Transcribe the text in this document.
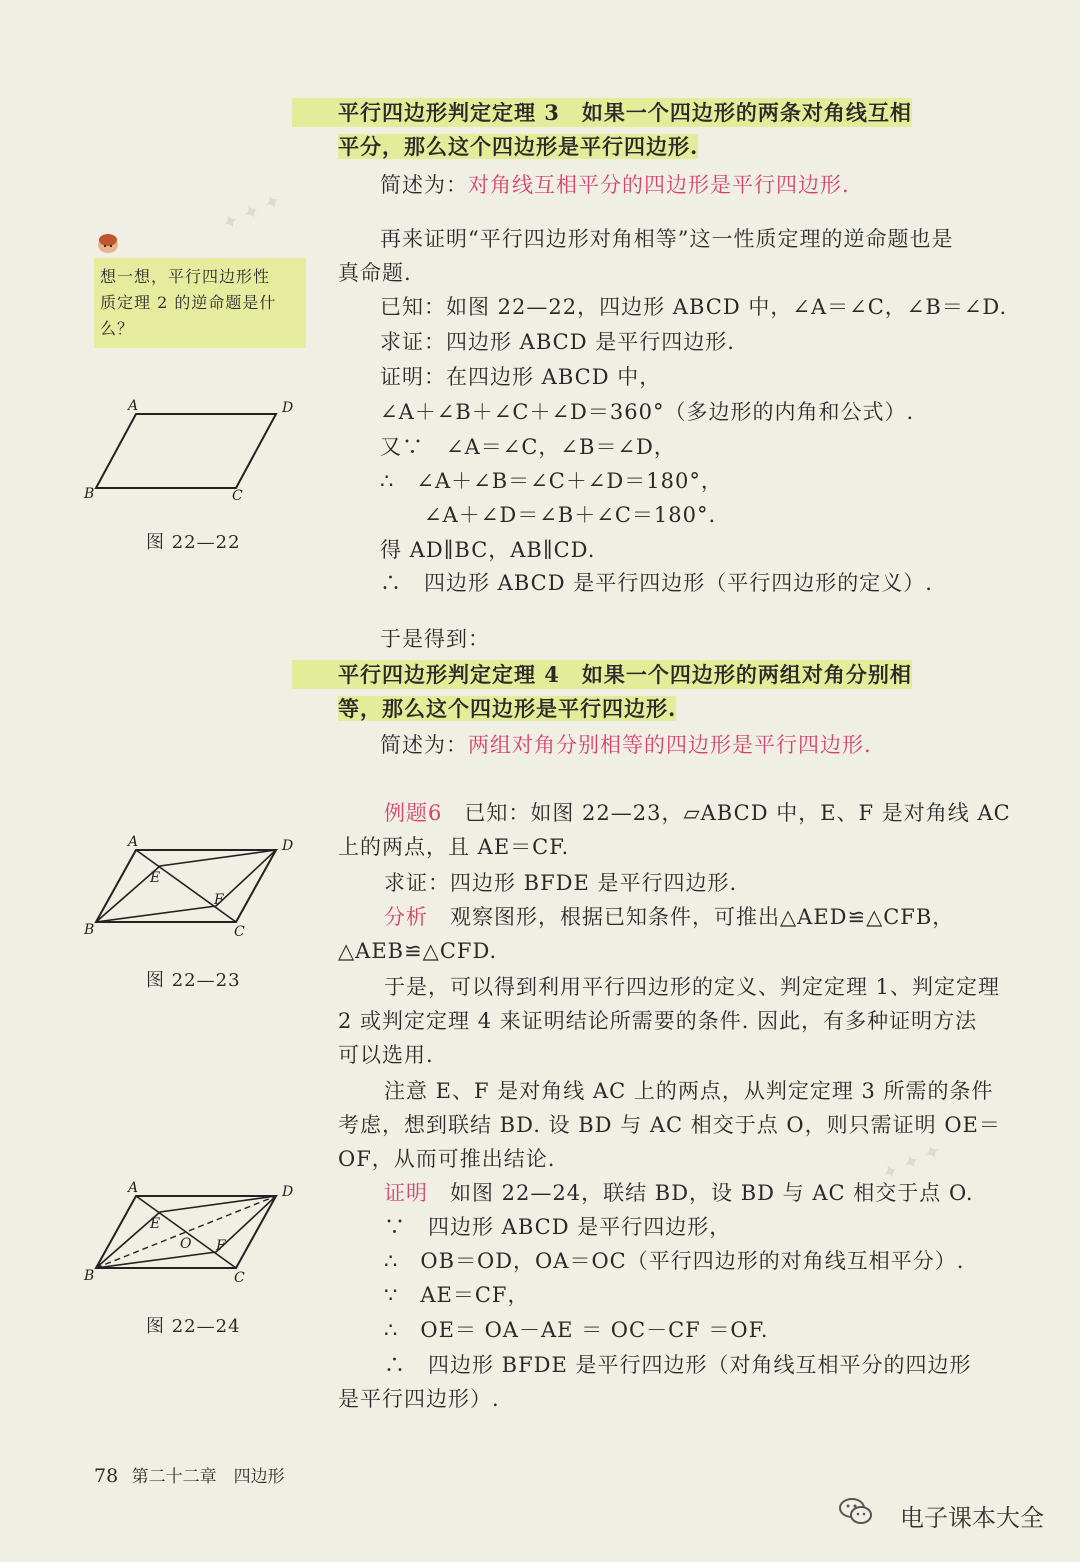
✦ ✦ ✦
✦ ✦ ✦
平行四边形判定定理 3　如果一个四边形的两条对角线互相
平分，那么这个四边形是平行四边形.
简述为：对角线互相平分的四边形是平行四边形.
想一想，平行四边形性
质定理 2 的逆命题是什
么？
再来证明“平行四边形对角相等”这一性质定理的逆命题也是
真命题.
已知：如图 22—22，四边形 ABCD 中，∠A＝∠C，∠B＝∠D.
求证：四边形 ABCD 是平行四边形.
证明：在四边形 ABCD 中，
∠A＋∠B＋∠C＋∠D＝360°（多边形的内角和公式）.
又∵　∠A＝∠C，∠B＝∠D，
∴　∠A＋∠B＝∠C＋∠D＝180°，
∠A＋∠D＝∠B＋∠C＝180°.
得 AD∥BC，AB∥CD.
∴　四边形 ABCD 是平行四边形（平行四边形的定义）.
于是得到：
平行四边形判定定理 4　如果一个四边形的两组对角分别相
等，那么这个四边形是平行四边形.
简述为：两组对角分别相等的四边形是平行四边形.
例题6　已知：如图 22—23，▱ABCD 中，E、F 是对角线 AC
上的两点，且 AE＝CF.
求证：四边形 BFDE 是平行四边形.
分析　观察图形，根据已知条件，可推出△AED≌△CFB，
△AEB≌△CFD.
于是，可以得到利用平行四边形的定义、判定定理 1、判定定理
2 或判定定理 4 来证明结论所需要的条件. 因此，有多种证明方法
可以选用.
注意 E、F 是对角线 AC 上的两点，从判定定理 3 所需的条件
考虑，想到联结 BD. 设 BD 与 AC 相交于点 O，则只需证明 OE＝
OF，从而可推出结论.
证明　如图 22—24，联结 BD，设 BD 与 AC 相交于点 O.
∵　四边形 ABCD 是平行四边形，
∴　OB＝OD，OA＝OC（平行四边形的对角线互相平分）.
∵　AE＝CF，
∴　OE＝ OA－AE ＝ OC－CF ＝OF.
∴　四边形 BFDE 是平行四边形（对角线互相平分的四边形
是平行四边形）.
A	D
B	C
图 22—22
A	D
B	C
E
F
图 22—23
A	D
B	C
E
F
O
图 22—24
78 第二十二章　四边形
电子课本大全
